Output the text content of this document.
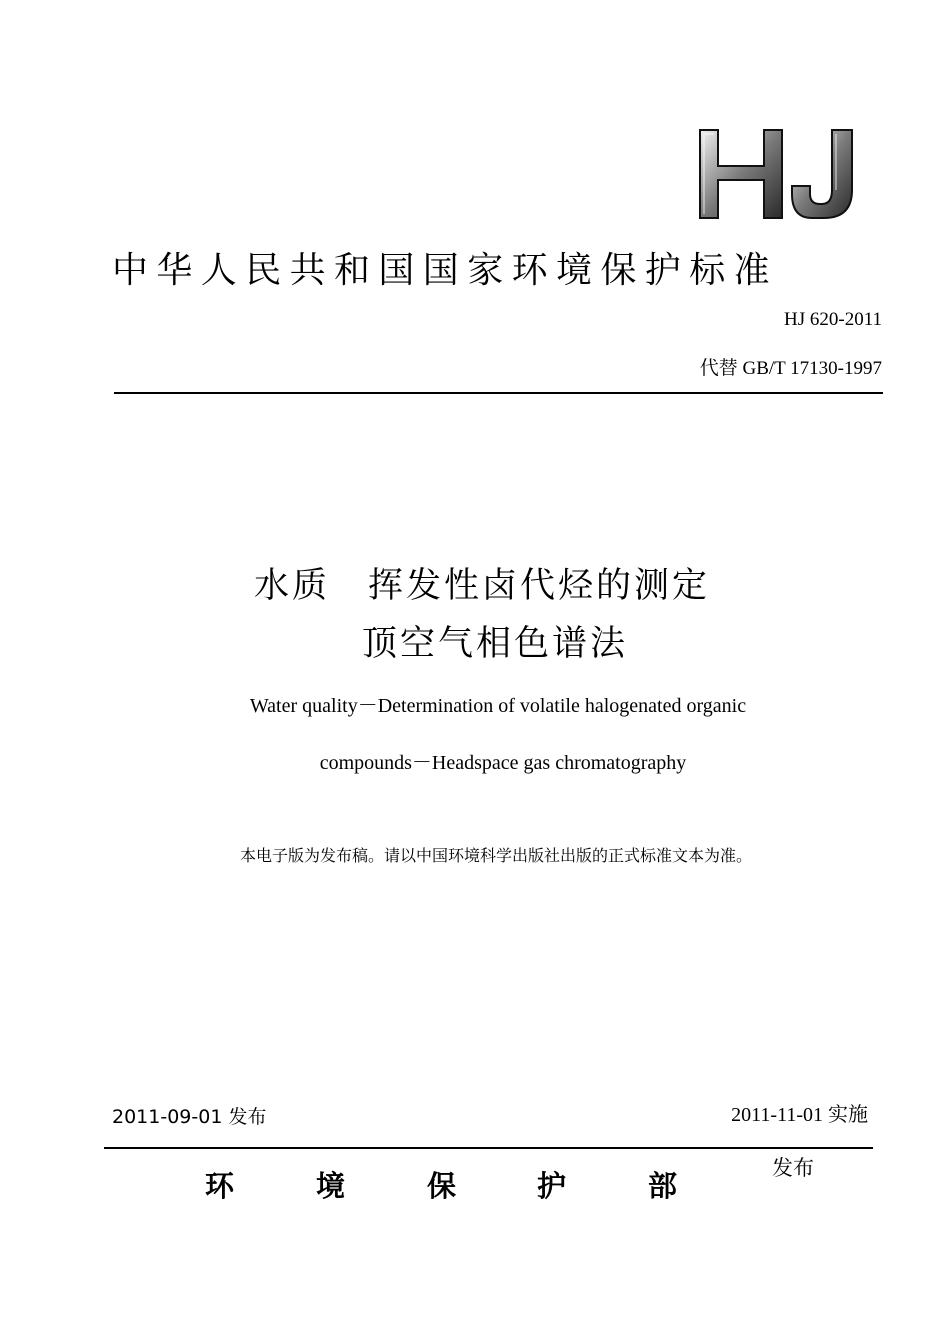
中华人民共和国国家环境保护标准
HJ 620-2011
代替 GB/T 17130-1997
水质　挥发性卤代烃的测定
顶空气相色谱法
Water quality－Determination of volatile halogenated organic
compounds－Headspace gas chromatography
本电子版为发布稿。请以中国环境科学出版社出版的正式标准文本为准。
2011-09-01 发布	2011-11-01 实施
环	境	保	护	部
发布
